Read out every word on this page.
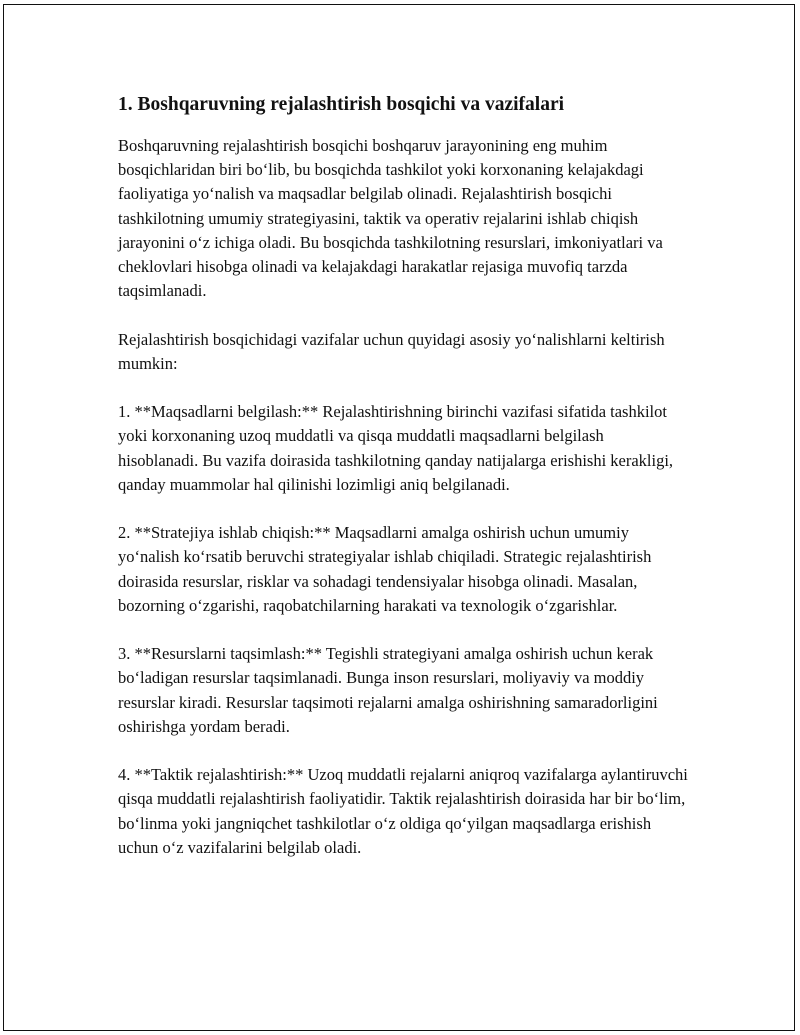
1. Boshqaruvning rejalashtirish bosqichi va vazifalari

Boshqaruvning rejalashtirish bosqichi boshqaruv jarayonining eng muhim bosqichlaridan biri bo‘lib, bu bosqichda tashkilot yoki korxonaning kelajakdagi faoliyatiga yo‘nalish va maqsadlar belgilab olinadi. Rejalashtirish bosqichi tashkilotning umumiy strategiyasini, taktik va operativ rejalarini ishlab chiqish jarayonini o‘z ichiga oladi. Bu bosqichda tashkilotning resurslari, imkoniyatlari va cheklovlari hisobga olinadi va kelajakdagi harakatlar rejasiga muvofiq tarzda taqsimlanadi.

Rejalashtirish bosqichidagi vazifalar uchun quyidagi asosiy yo‘nalishlarni keltirish mumkin:

1. **Maqsadlarni belgilash:** Rejalashtirishning birinchi vazifasi sifatida tashkilot yoki korxonaning uzoq muddatli va qisqa muddatli maqsadlarni belgilash hisoblanadi. Bu vazifa doirasida tashkilotning qanday natijalarga erishishi kerakligi, qanday muammolar hal qilinishi lozimligi aniq belgilanadi.

2. **Stratejiya ishlab chiqish:** Maqsadlarni amalga oshirish uchun umumiy yo‘nalish ko‘rsatib beruvchi strategiyalar ishlab chiqiladi. Strategic rejalashtirish doirasida resurslar, risklar va sohadagi tendensiyalar hisobga olinadi. Masalan, bozorning o‘zgarishi, raqobatchilarning harakati va texnologik o‘zgarishlar.

3. **Resurslarni taqsimlash:** Tegishli strategiyani amalga oshirish uchun kerak bo‘ladigan resurslar taqsimlanadi. Bunga inson resurslari, moliyaviy va moddiy resurslar kiradi. Resurslar taqsimoti rejalarni amalga oshirishning samaradorligini oshirishga yordam beradi.

4. **Taktik rejalashtirish:** Uzoq muddatli rejalarni aniqroq vazifalarga aylantiruvchi qisqa muddatli rejalashtirish faoliyatidir. Taktik rejalashtirish doirasida har bir bo‘lim, bo‘linma yoki jangniqchet tashkilotlar o‘z oldiga qo‘yilgan maqsadlarga erishish uchun o‘z vazifalarini belgilab oladi.
